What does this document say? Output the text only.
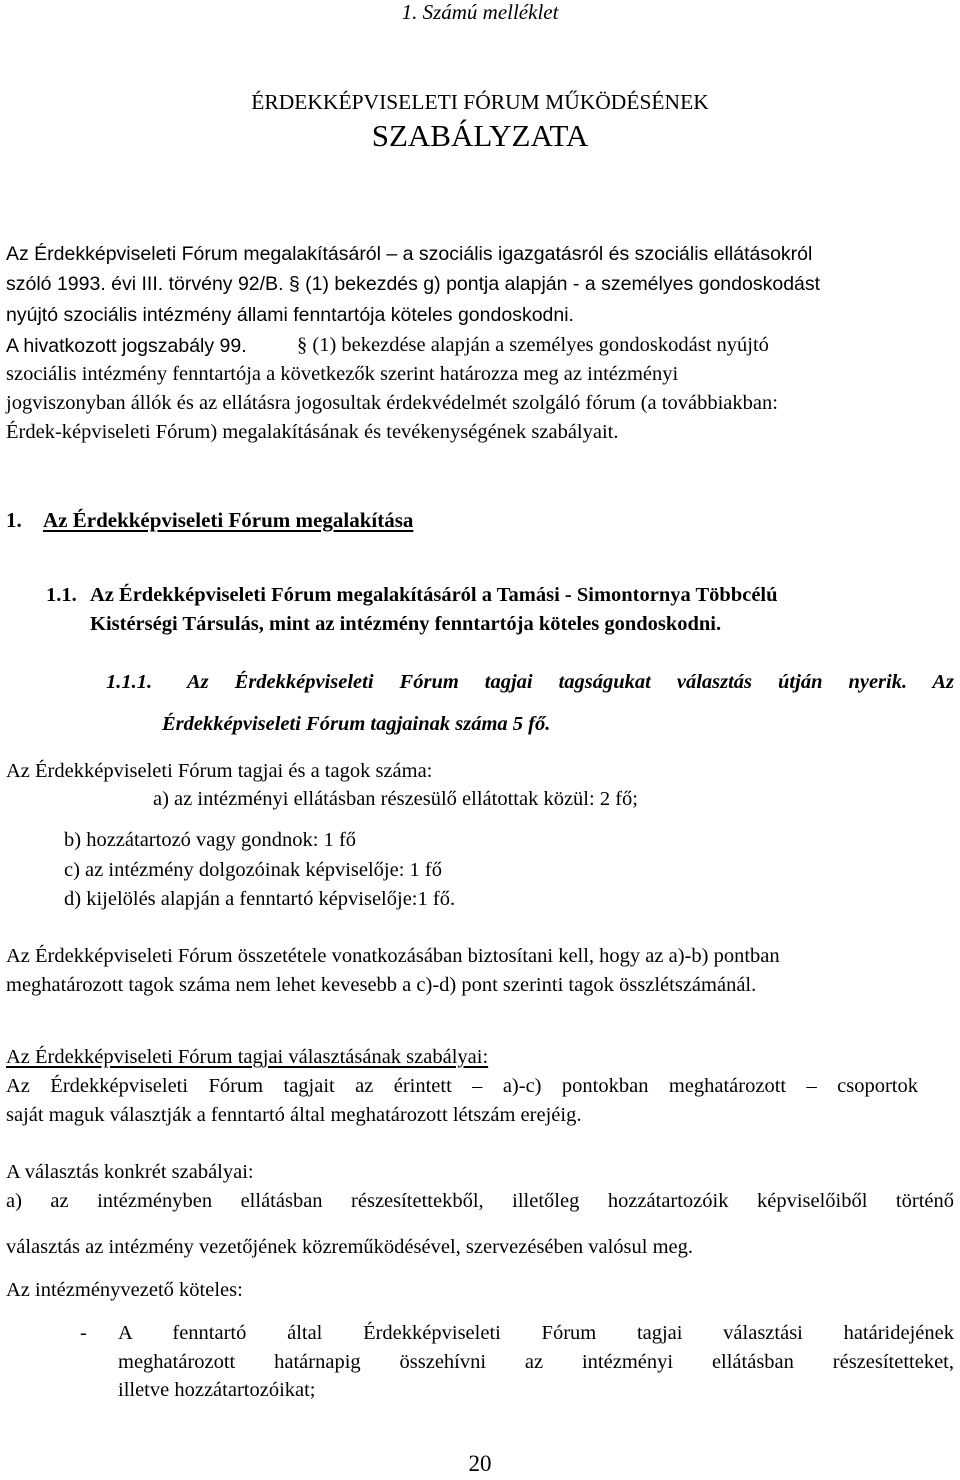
1. Számú melléklet
ÉRDEKKÉPVISELETI FÓRUM MŰKÖDÉSÉNEK
SZABÁLYZATA
Az Érdekképviseleti Fórum megalakításáról – a szociális igazgatásról és szociális ellátásokról
szóló 1993. évi III. törvény 92/B. § (1) bekezdés g) pontja alapján - a személyes gondoskodást
nyújtó szociális intézmény állami fenntartója köteles gondoskodni.
A hivatkozott jogszabály 99. § (1) bekezdése alapján a személyes gondoskodást nyújtó
szociális intézmény fenntartója a következők szerint határozza meg az intézményi
jogviszonyban állók és az ellátásra jogosultak érdekvédelmét szolgáló fórum (a továbbiakban:
Érdek-képviseleti Fórum) megalakításának és tevékenységének szabályait.
1. Az Érdekképviseleti Fórum megalakítása
1.1. Az Érdekképviseleti Fórum megalakításáról a Tamási - Simontornya Többcélú
Kistérségi Társulás, mint az intézmény fenntartója köteles gondoskodni.
1.1.1. Az Érdekképviseleti Fórum tagjai tagságukat választás útján nyerik. Az
Érdekképviseleti Fórum tagjainak száma 5 fő.
Az Érdekképviseleti Fórum tagjai és a tagok száma:
a) az intézményi ellátásban részesülő ellátottak közül: 2 fő;
b) hozzátartozó vagy gondnok: 1 fő
c) az intézmény dolgozóinak képviselője: 1 fő
d) kijelölés alapján a fenntartó képviselője:1 fő.
Az Érdekképviseleti Fórum összetétele vonatkozásában biztosítani kell, hogy az a)-b) pontban
meghatározott tagok száma nem lehet kevesebb a c)-d) pont szerinti tagok összlétszámánál.
Az Érdekképviseleti Fórum tagjai választásának szabályai:
Az Érdekképviseleti Fórum tagjait az érintett – a)-c) pontokban meghatározott – csoportok
saját maguk választják a fenntartó által meghatározott létszám erejéig.
A választás konkrét szabályai:
a) az intézményben ellátásban részesítettekből, illetőleg hozzátartozóik képviselőiből történő
választás az intézmény vezetőjének közreműködésével, szervezésében valósul meg.
Az intézményvezető köteles:
- A fenntartó által Érdekképviseleti Fórum tagjai választási határidejének
meghatározott határnapig összehívni az intézményi ellátásban részesítetteket,
illetve hozzátartozóikat;
20
